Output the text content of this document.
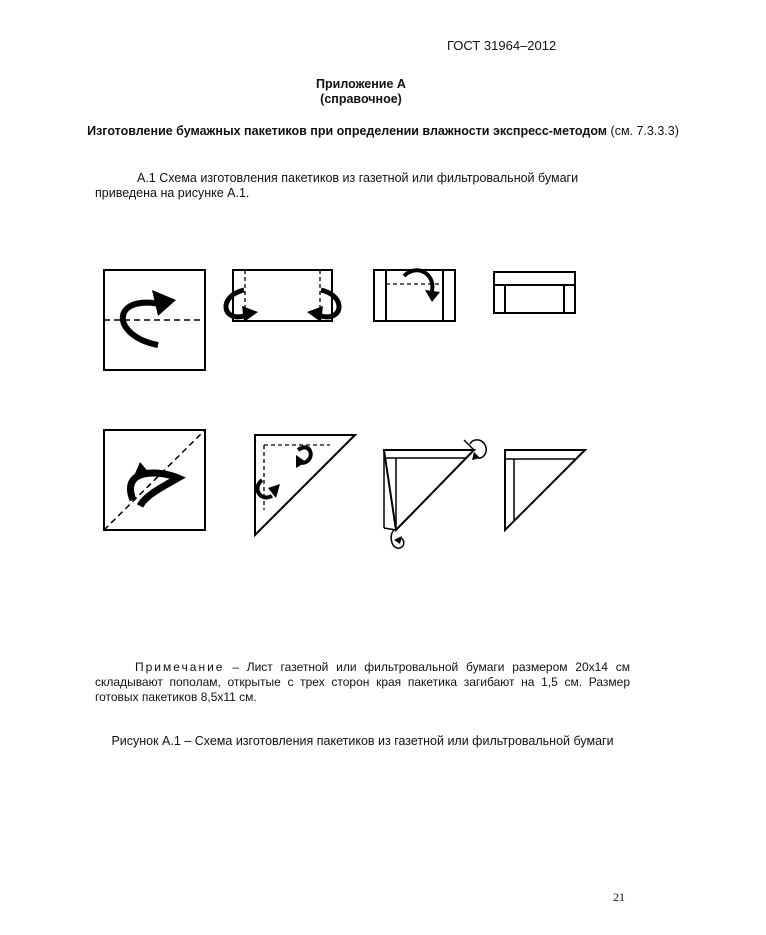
ГОСТ 31964–2012
Приложение А
(справочное)
Изготовление бумажных пакетиков при определении влажности экспресс-методом (см. 7.3.3.3)
А.1 Схема изготовления пакетиков из газетной или фильтровальной бумаги приведена на рисунке А.1.
Примечание – Лист газетной или фильтровальной бумаги размером 20х14 см складывают пополам, открытые с трех сторон края пакетика загибают на 1,5 см. Размер готовых пакетиков 8,5х11 см.
Рисунок А.1 – Схема изготовления пакетиков из газетной или фильтровальной бумаги
21
